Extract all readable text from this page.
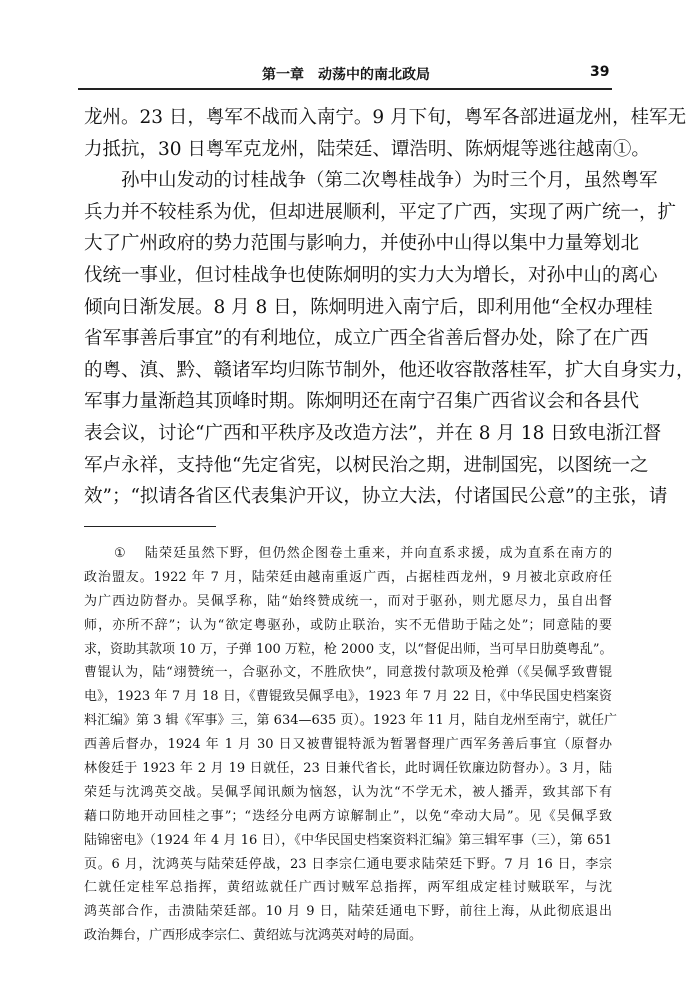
第一章　动荡中的南北政局	39
龙州。23 日，粤军不战而入南宁。9 月下旬，粤军各部进逼龙州，桂军无
力抵抗，30 日粤军克龙州，陆荣廷、谭浩明、陈炳焜等逃往越南①。
孙中山发动的讨桂战争（第二次粤桂战争）为时三个月，虽然粤军
兵力并不较桂系为优，但却进展顺利，平定了广西，实现了两广统一，扩
大了广州政府的势力范围与影响力，并使孙中山得以集中力量筹划北
伐统一事业，但讨桂战争也使陈炯明的实力大为增长，对孙中山的离心
倾向日渐发展。8 月 8 日，陈炯明进入南宁后，即利用他“全权办理桂
省军事善后事宜”的有利地位，成立广西全省善后督办处，除了在广西
的粤、滇、黔、赣诸军均归陈节制外，他还收容散落桂军，扩大自身实力，
军事力量渐趋其顶峰时期。陈炯明还在南宁召集广西省议会和各县代
表会议，讨论“广西和平秩序及改造方法”，并在 8 月 18 日致电浙江督
军卢永祥，支持他“先定省宪，以树民治之期，进制国宪，以图统一之
效”；“拟请各省区代表集沪开议，协立大法，付诸国民公意”的主张，请
① 陆荣廷虽然下野，但仍然企图卷土重来，并向直系求援，成为直系在南方的
政治盟友。1922 年 7 月，陆荣廷由越南重返广西，占据桂西龙州，9 月被北京政府任
为广西边防督办。吴佩孚称，陆“始终赞成统一，而对于驱孙，则尤愿尽力，虽自出督
师，亦所不辞”；认为“欲定粤驱孙，或防止联治，实不无借助于陆之处”；同意陆的要
求，资助其款项 10 万，子弹 100 万粒，枪 2000 支，以“督促出师，当可早日肋奠粤乱”。
曹锟认为，陆“翊赞统一，合驱孙文，不胜欣快”，同意拨付款项及枪弹（《吴佩孚致曹锟
电》，1923 年 7 月 18 日，《曹锟致吴佩孚电》，1923 年 7 月 22 日，《中华民国史档案资
料汇编》第 3 辑《军事》三，第 634—635 页）。1923 年 11 月，陆自龙州至南宁，就任广
西善后督办，1924 年 1 月 30 日又被曹锟特派为暂署督理广西军务善后事宜（原督办
林俊廷于 1923 年 2 月 19 日就任，23 日兼代省长，此时调任钦廉边防督办）。3 月，陆
荣廷与沈鸿英交战。吴佩孚闻讯颇为恼怒，认为沈“不学无术，被人播弄，致其部下有
藉口防地开动回桂之事”；“迭经分电两方谅解制止”，以免“牵动大局”。见《吴佩孚致
陆锦密电》（1924 年 4 月 16 日），《中华民国史档案资料汇编》第三辑军事（三），第 651
页。6 月，沈鸿英与陆荣廷停战，23 日李宗仁通电要求陆荣廷下野。7 月 16 日，李宗
仁就任定桂军总指挥，黄绍竑就任广西讨贼军总指挥，两军组成定桂讨贼联军，与沈
鸿英部合作，击溃陆荣廷部。10 月 9 日，陆荣廷通电下野，前往上海，从此彻底退出
政治舞台，广西形成李宗仁、黄绍竑与沈鸿英对峙的局面。
